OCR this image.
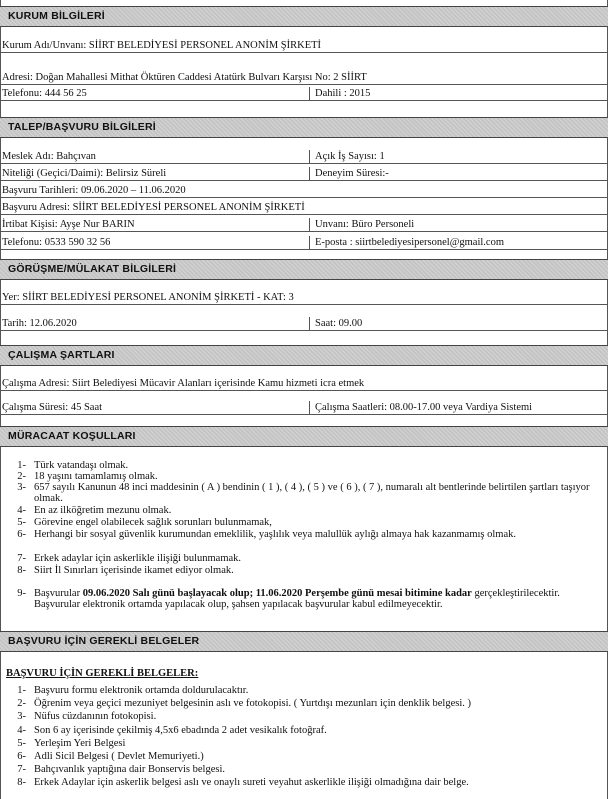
KURUM BİLGİLERİ
Kurum Adı/Unvanı: SİİRT BELEDİYESİ PERSONEL ANONİM ŞİRKETİ
Adresi: Doğan Mahallesi Mithat Öktüren Caddesi Atatürk Bulvarı Karşısı No: 2 SİİRT
Telefonu: 444 56 25	Dahili : 2015
TALEP/BAŞVURU BİLGİLERİ
Meslek Adı: Bahçıvan	Açık İş Sayısı: 1
Niteliği (Geçici/Daimi): Belirsiz Süreli	Deneyim Süresi:-
Başvuru Tarihleri: 09.06.2020 – 11.06.2020
Başvuru Adresi: SİİRT BELEDİYESİ PERSONEL ANONİM ŞİRKETİ
İrtibat Kişisi: Ayşe Nur BARIN	Unvanı: Büro Personeli
Telefonu: 0533 590 32 56	E-posta : siirtbelediyesipersonel@gmail.com
GÖRÜŞME/MÜLAKAT BİLGİLERİ
Yer: SİİRT BELEDİYESİ PERSONEL ANONİM ŞİRKETİ - KAT: 3
Tarih: 12.06.2020	Saat: 09.00
ÇALIŞMA ŞARTLARI
Çalışma Adresi: Siirt Belediyesi Mücavir Alanları içerisinde Kamu hizmeti icra etmek
Çalışma Süresi: 45 Saat	Çalışma Saatleri: 08.00-17.00 veya Vardiya Sistemi
MÜRACAAT KOŞULLARI
1- Türk vatandaşı olmak.
2- 18 yaşını tamamlamış olmak.
3- 657 sayılı Kanunun 48 inci maddesinin ( A ) bendinin ( 1 ), ( 4 ), ( 5 ) ve ( 6 ), ( 7 ), numaralı alt bentlerinde belirtilen şartları taşıyor olmak.
4- En az ilköğretim mezunu olmak.
5- Görevine engel olabilecek sağlık sorunları bulunmamak,
6- Herhangi bir sosyal güvenlik kurumundan emeklilik, yaşlılık veya malullük aylığı almaya hak kazanmamış olmak.
7- Erkek adaylar için askerlikle ilişiği bulunmamak.
8- Siirt İl Sınırları içerisinde ikamet ediyor olmak.
9- Başvurular 09.06.2020 Salı günü başlayacak olup; 11.06.2020 Perşembe günü mesai bitimine kadar gerçekleştirilecektir. Başvurular elektronik ortamda yapılacak olup, şahsen yapılacak başvurular kabul edilmeyecektir.
BAŞVURU İÇİN GEREKLİ BELGELER
BAŞVURU İÇİN GEREKLİ BELGELER:
1- Başvuru formu elektronik ortamda doldurulacaktır.
2- Öğrenim veya geçici mezuniyet belgesinin aslı ve fotokopisi. ( Yurtdışı mezunları için denklik belgesi. )
3- Nüfus cüzdanının fotokopisi.
4- Son 6 ay içerisinde çekilmiş 4,5x6 ebadında 2 adet vesikalık fotoğraf.
5- Yerleşim Yeri Belgesi
6- Adli Sicil Belgesi ( Devlet Memuriyeti.)
7- Bahçıvanlık yaptığına dair Bonservis belgesi.
8- Erkek Adaylar için askerlik belgesi aslı ve onaylı sureti veyahut askerlikle ilişiği olmadığına dair belge.
